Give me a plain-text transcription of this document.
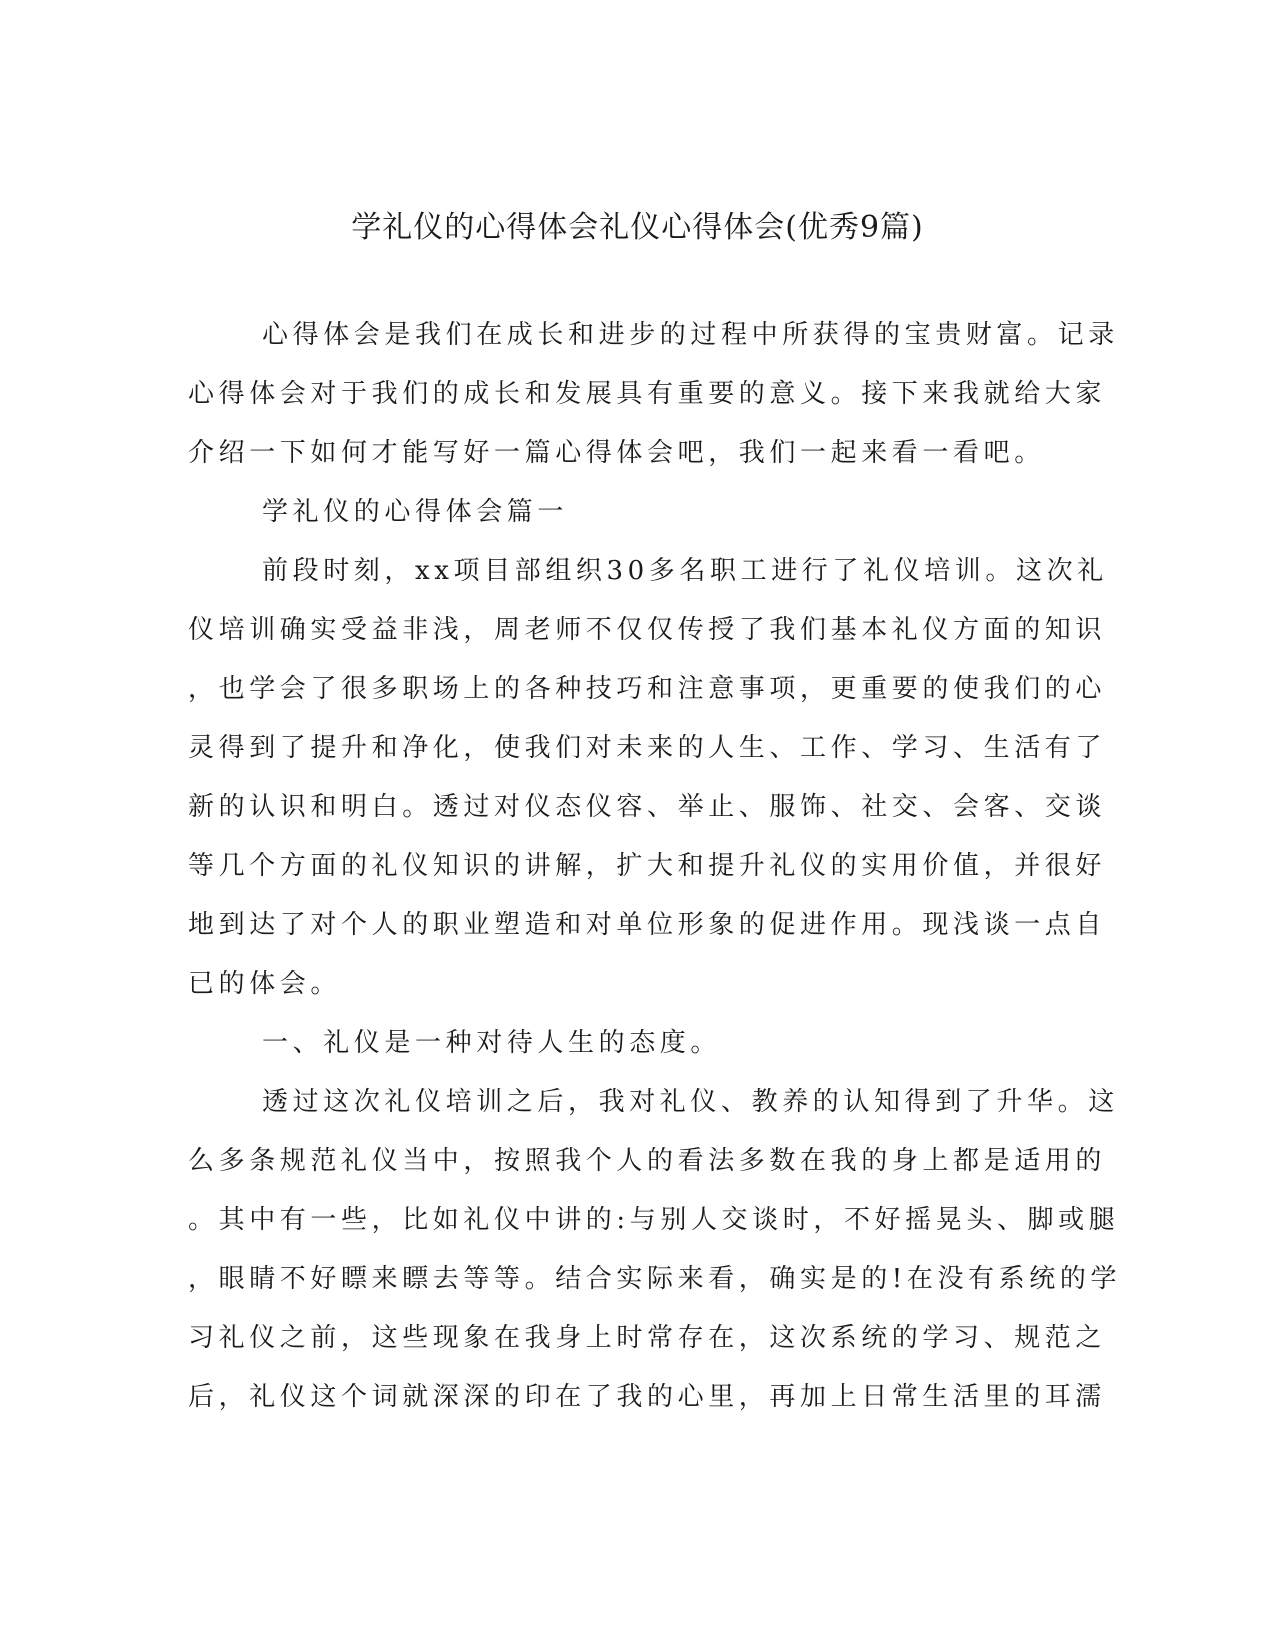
学礼仪的心得体会礼仪心得体会(优秀9篇)
心得体会是我们在成长和进步的过程中所获得的宝贵财富。记录
心得体会对于我们的成长和发展具有重要的意义。接下来我就给大家
介绍一下如何才能写好一篇心得体会吧，我们一起来看一看吧。
学礼仪的心得体会篇一
前段时刻，xx项目部组织30多名职工进行了礼仪培训。这次礼
仪培训确实受益非浅，周老师不仅仅传授了我们基本礼仪方面的知识
，也学会了很多职场上的各种技巧和注意事项，更重要的使我们的心
灵得到了提升和净化，使我们对未来的人生、工作、学习、生活有了
新的认识和明白。透过对仪态仪容、举止、服饰、社交、会客、交谈
等几个方面的礼仪知识的讲解，扩大和提升礼仪的实用价值，并很好
地到达了对个人的职业塑造和对单位形象的促进作用。现浅谈一点自
已的体会。
一、礼仪是一种对待人生的态度。
透过这次礼仪培训之后，我对礼仪、教养的认知得到了升华。这
么多条规范礼仪当中，按照我个人的看法多数在我的身上都是适用的
。其中有一些，比如礼仪中讲的:与别人交谈时，不好摇晃头、脚或腿
，眼睛不好瞟来瞟去等等。结合实际来看，确实是的!在没有系统的学
习礼仪之前，这些现象在我身上时常存在，这次系统的学习、规范之
后，礼仪这个词就深深的印在了我的心里，再加上日常生活里的耳濡
